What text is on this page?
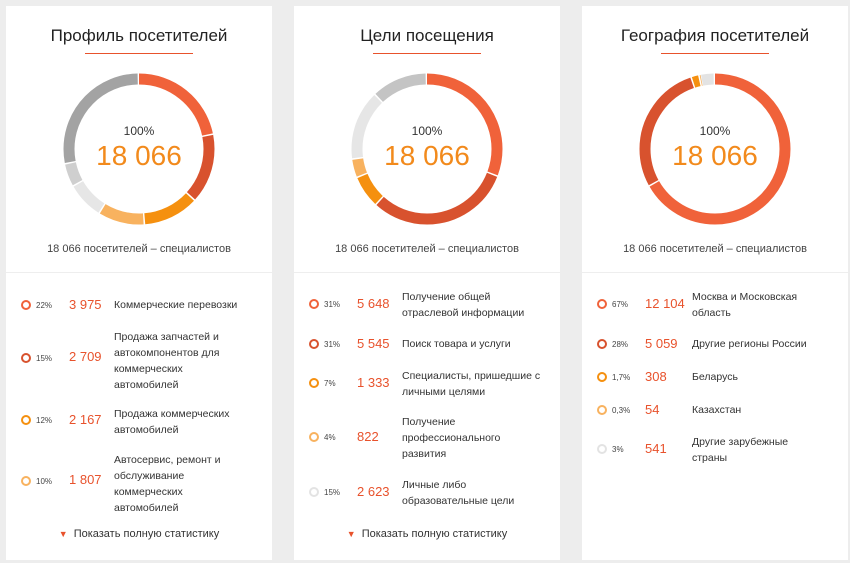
Профиль посетителей
100%
18 066
18 066 посетителей – специалистов
22% 3 975 Коммерческие перевозки
15% 2 709
Продажа запчастей и автокомпонентов для коммерческих автомобилей
12% 2 167 Продажа коммерческих автомобилей
10% 1 807
Автосервис, ремонт и обслуживание коммерческих автомобилей
▼ Показать полную статистику
Цели посещения
100%
18 066
18 066 посетителей – специалистов
31% 5 648 Получение общей отраслевой информации
31% 5 545 Поиск товара и услуги
7% 1 333 Специалисты, пришедшие с личными целями
4% 822
Получение профессионального развития
15% 2 623 Личные либо образовательные цели
▼ Показать полную статистику
География посетителей
100%
18 066
18 066 посетителей – специалистов
67% 12 104 Москва и Московская область
28% 5 059 Другие регионы России
1,7% 308 Беларусь
0,3% 54	Казахстан
3% 541 Другие зарубежные страны
